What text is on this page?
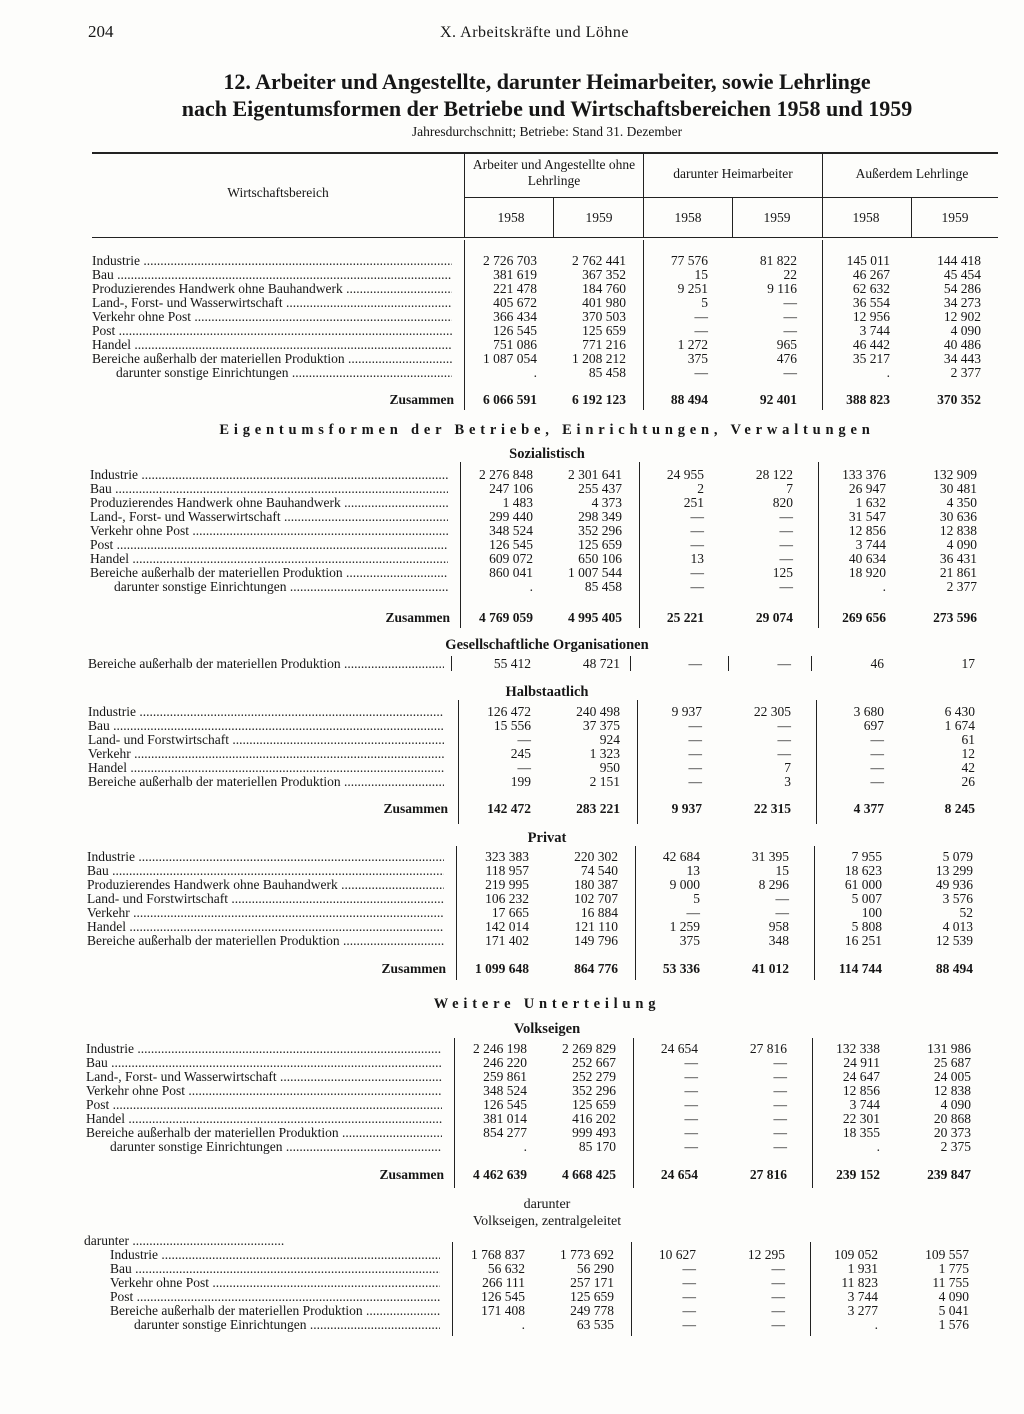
204	X. Arbeitskräfte und Löhne
12. Arbeiter und Angestellte, darunter Heimarbeiter, sowie Lehrlinge
nach Eigentumsformen der Betriebe und Wirtschaftsbereichen 1958 und 1959
Jahresdurchschnitt; Betriebe: Stand 31. Dezember
Wirtschaftsbereich
Arbeiter und Angestellte ohne Lehrlinge	darunter Heimarbeiter	Außerdem Lehrlinge
1958	1959	1958	1959	1958	1959
Eigentumsformen der Betriebe, Einrichtungen, Verwaltungen
Sozialistisch
Gesellschaftliche Organisationen
Halbstaatlich
Privat
Weitere Unterteilung
Volkseigen
darunter
Volkseigen, zentralgeleitet
darunter .....
Industrie .....	2 726 703	2 762 441	77 576	81 822	145 011	144 418
Bau .....	381 619	367 352	15	22	46 267	45 454
Produzierendes Handwerk ohne Bauhandwerk .....	221 478	184 760	9 251	9 116	62 632	54 286
Land-, Forst- und Wasserwirtschaft .....	405 672	401 980	5	—	36 554	34 273
Verkehr ohne Post .....	366 434	370 503	—	—	12 956	12 902
Post .....	126 545	125 659	—	—	3 744	4 090
Handel .....	751 086	771 216	1 272	965	46 442	40 486
Bereiche außerhalb der materiellen Produktion .....	1 087 054	1 208 212	375	476	35 217	34 443
darunter sonstige Einrichtungen .....	.	85 458	—	—	.	2 377
Zusammen	6 066 591	6 192 123	88 494	92 401	388 823	370 352
Industrie .....	2 276 848	2 301 641	24 955	28 122	133 376	132 909
Bau .....	247 106	255 437	2	7	26 947	30 481
Produzierendes Handwerk ohne Bauhandwerk .....	1 483	4 373	251	820	1 632	4 350
Land-, Forst- und Wasserwirtschaft .....	299 440	298 349	—	—	31 547	30 636
Verkehr ohne Post .....	348 524	352 296	—	—	12 856	12 838
Post .....	126 545	125 659	—	—	3 744	4 090
Handel .....	609 072	650 106	13	—	40 634	36 431
Bereiche außerhalb der materiellen Produktion .....	860 041	1 007 544	—	125	18 920	21 861
darunter sonstige Einrichtungen .....	.	85 458	—	—	.	2 377
Zusammen	4 769 059	4 995 405	25 221	29 074	269 656	273 596
Bereiche außerhalb der materiellen Produktion .....	55 412	48 721	—	—	46	17
Industrie .....	126 472	240 498	9 937	22 305	3 680	6 430
Bau .....	15 556	37 375	—	—	697	1 674
Land- und Forstwirtschaft .....	—	924	—	—	—	61
Verkehr .....	245	1 323	—	—	—	12
Handel .....	—	950	—	7	—	42
Bereiche außerhalb der materiellen Produktion .....	199	2 151	—	3	—	26
Zusammen	142 472	283 221	9 937	22 315	4 377	8 245
Industrie .....	323 383	220 302	42 684	31 395	7 955	5 079
Bau .....	118 957	74 540	13	15	18 623	13 299
Produzierendes Handwerk ohne Bauhandwerk .....	219 995	180 387	9 000	8 296	61 000	49 936
Land- und Forstwirtschaft .....	106 232	102 707	5	—	5 007	3 576
Verkehr .....	17 665	16 884	—	—	100	52
Handel .....	142 014	121 110	1 259	958	5 808	4 013
Bereiche außerhalb der materiellen Produktion .....	171 402	149 796	375	348	16 251	12 539
Zusammen	1 099 648	864 776	53 336	41 012	114 744	88 494
Industrie .....	2 246 198	2 269 829	24 654	27 816	132 338	131 986
Bau .....	246 220	252 667	—	—	24 911	25 687
Land-, Forst- und Wasserwirtschaft .....	259 861	252 279	—	—	24 647	24 005
Verkehr ohne Post .....	348 524	352 296	—	—	12 856	12 838
Post .....	126 545	125 659	—	—	3 744	4 090
Handel .....	381 014	416 202	—	—	22 301	20 868
Bereiche außerhalb der materiellen Produktion .....	854 277	999 493	—	—	18 355	20 373
darunter sonstige Einrichtungen .....	.	85 170	—	—	.	2 375
Zusammen	4 462 639	4 668 425	24 654	27 816	239 152	239 847
Industrie .....	1 768 837	1 773 692	10 627	12 295	109 052	109 557
Bau .....	56 632	56 290	—	—	1 931	1 775
Verkehr ohne Post .....	266 111	257 171	—	—	11 823	11 755
Post .....	126 545	125 659	—	—	3 744	4 090
Bereiche außerhalb der materiellen Produktion .....	171 408	249 778	—	—	3 277	5 041
darunter sonstige Einrichtungen .....	.	63 535	—	—	.	1 576
